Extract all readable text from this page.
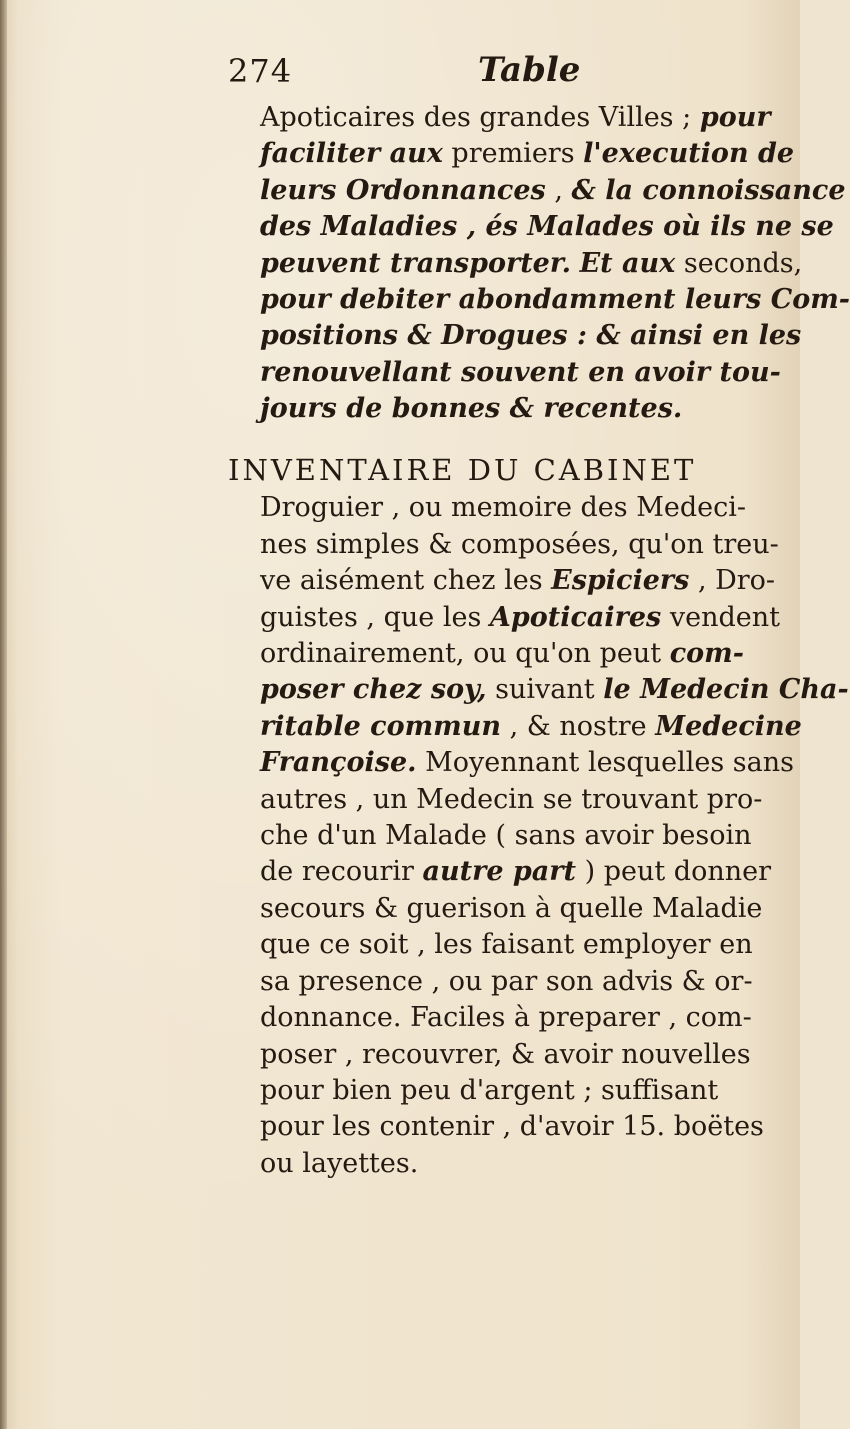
274	Table
Apoticaires des grandes Villes ; pour
faciliter aux premiers l'execution de
leurs Ordonnances , & la connoissance
des Maladies , és Malades où ils ne se
peuvent transporter. Et aux seconds,
pour debiter abondamment leurs Com-
positions & Drogues : & ainsi en les
renouvellant souvent en avoir tou-
jours de bonnes & recentes.
INVENTAIRE DU CABINET
Droguier , ou memoire des Medeci-
nes simples & composées, qu'on treu-
ve aisément chez les Espiciers , Dro-
guistes , que les Apoticaires vendent
ordinairement, ou qu'on peut com-
poser chez soy, suivant le Medecin Cha-
ritable commun , & nostre Medecine
Françoise. Moyennant lesquelles sans
autres , un Medecin se trouvant pro-
che d'un Malade ( sans avoir besoin
de recourir autre part ) peut donner
secours & guerison à quelle Maladie
que ce soit , les faisant employer en
sa presence , ou par son advis & or-
donnance. Faciles à preparer , com-
poser , recouvrer, & avoir nouvelles
pour bien peu d'argent ; suffisant
pour les contenir , d'avoir 15. boëtes
ou layettes.
